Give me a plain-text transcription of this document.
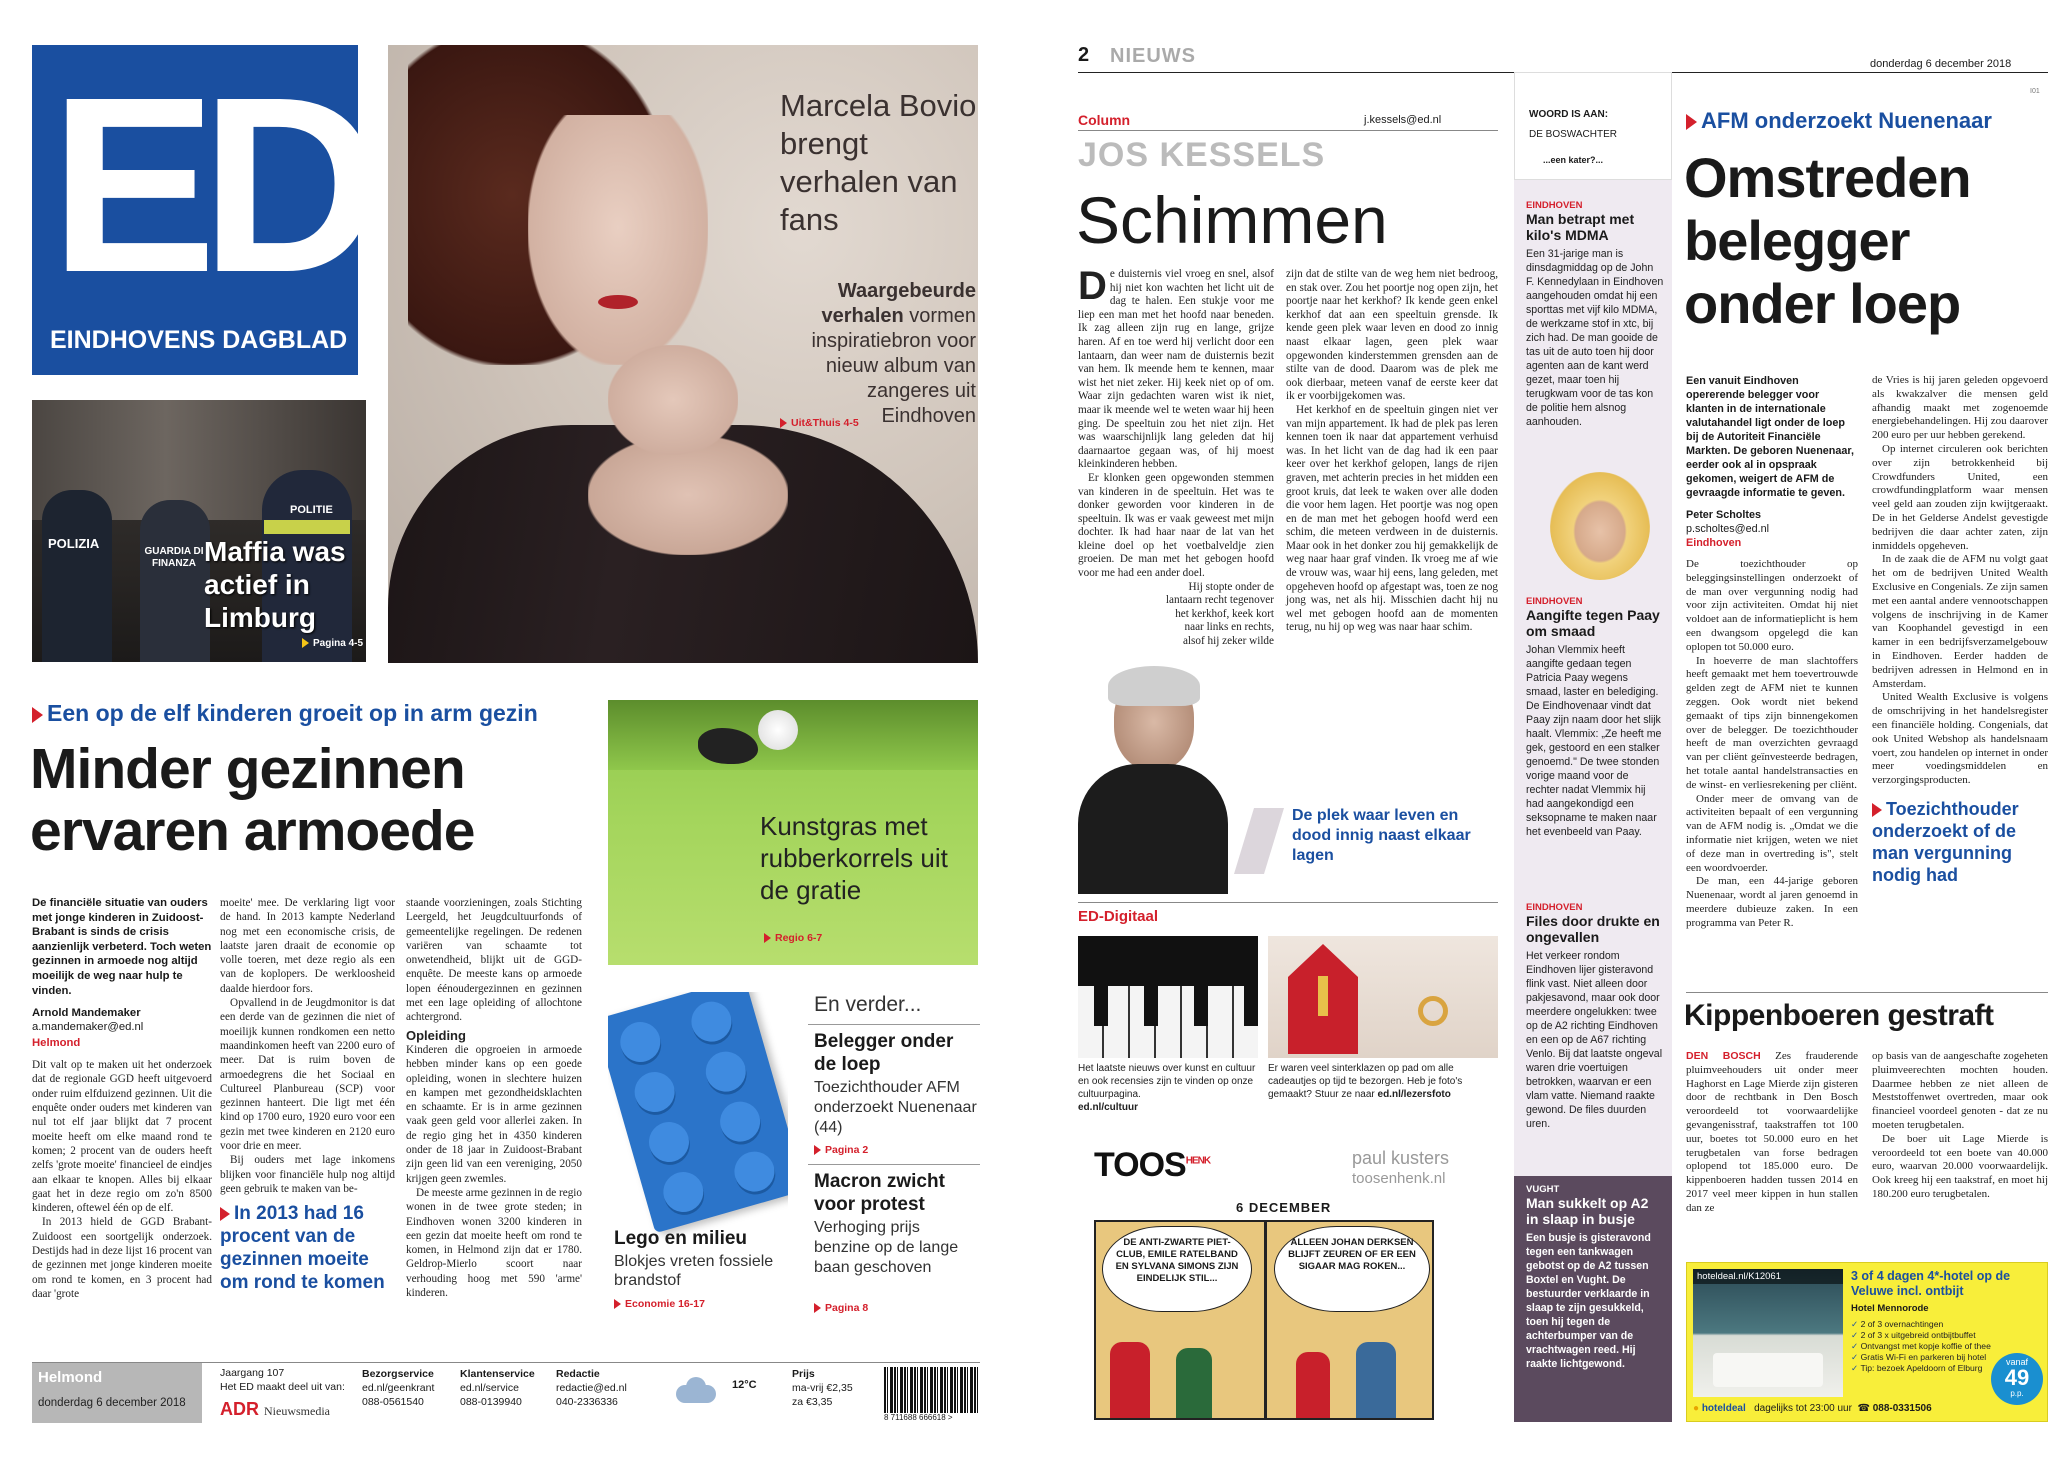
ED
EINDHOVENS DAGBLAD
POLIZIA
GUARDIA DI FINANZA
POLITIE
Maffia was actief in Limburg
Pagina 4-5
Marcela Bovio brengt verhalen van fans
Waargebeurde verhalen vormen inspiratiebron voor nieuw album van zangeres uit Eindhoven
Uit&Thuis 4-5
Een op de elf kinderen groeit op in arm gezin
Minder gezinnen ervaren armoede
De financiële situatie van ouders met jonge kinderen in Zuidoost-Brabant is sinds de crisis aanzienlijk verbeterd. Toch weten gezinnen in armoede nog altijd moeilijk de weg naar hulp te vinden.
Arnold Mandemaker
a.mandemaker@ed.nl
Helmond

Dit valt op te maken uit het onderzoek dat de regionale GGD heeft uitgevoerd onder ruim elfduizend gezinnen. Uit die enquête onder ouders met kinderen van nul tot elf jaar blijkt dat 7 procent moeite heeft om elke maand rond te komen; 2 procent van de ouders heeft zelfs 'grote moeite' financieel de eindjes aan elkaar te knopen. Alles bij elkaar gaat het in deze regio om zo'n 8500 kinderen, oftewel één op de elf.

In 2013 hield de GGD Brabant-Zuidoost een soortgelijk onderzoek. Destijds had in deze lijst 16 procent van de gezinnen met jonge kinderen moeite om rond te komen, en 3 procent had daar 'grote

moeite' mee. De verklaring ligt voor de hand. In 2013 kampte Nederland nog met een economische crisis, de laatste jaren draait de economie op volle toeren, met deze regio als een van de koplopers. De werkloosheid daalde hierdoor fors.

Opvallend in de Jeugdmonitor is dat een derde van de gezinnen die niet of moeilijk kunnen rondkomen een netto maandinkomen heeft van 2200 euro of meer. Dat is ruim boven de armoedegrens die het Sociaal en Cultureel Planbureau (SCP) voor gezinnen hanteert. Die ligt met één kind op 1700 euro, 1920 euro voor een gezin met twee kinderen en 2120 euro voor drie en meer.

Bij ouders met lage inkomens blijken voor financiële hulp nog altijd geen gebruik te maken van be-

In 2013 had 16 procent van de gezinnen moeite om rond te komen

staande voorzieningen, zoals Stichting Leergeld, het Jeugdcultuurfonds of gemeentelijke regelingen. De redenen variëren van schaamte tot onwetendheid, blijkt uit de GGD-enquête. De meeste kans op armoede lopen éénoudergezinnen en gezinnen met een lage opleiding of allochtone achtergrond.

Opleiding

Kinderen die opgroeien in armoede hebben minder kans op een goede opleiding, wonen in slechtere huizen en kampen met gezondheidsklachten en schaamte. Er is in arme gezinnen vaak geen geld voor allerlei zaken. In de regio ging het in 4350 kinderen onder de 18 jaar in Zuidoost-Brabant zijn geen lid van een vereniging, 2050 krijgen geen zwemles.

De meeste arme gezinnen in de regio wonen in de twee grote steden; in Eindhoven wonen 3200 kinderen in een gezin dat moeite heeft om rond te komen, in Helmond zijn dat er 1780. Geldrop-Mierlo scoort naar verhouding hoog met 590 'arme' kinderen.

Kunstgras met rubberkorrels uit de gratie
Regio 6-7
Lego en milieu
Blokjes vreten fossiele brandstof
Economie 16-17
En verder...
Belegger onder de loep
Toezichthouder AFM onderzoekt Nuenenaar (44)
Pagina 2
Macron zwicht voor protest
Verhoging prijs benzine op de lange baan geschoven
Pagina 8
Helmond
donderdag 6 december 2018
Jaargang 107
Het ED maakt deel uit van:
ADR Nieuwsmedia
Bezorgservice
ed.nl/geenkrant
088-0561540
Klantenservice
ed.nl/service
088-0139940
Redactie
redactie@ed.nl
040-2336336
12°C
Prijs
ma-vrij €2,35
za €3,35
8 711688 666618 >
2 NIEUWS	donderdag 6 december 2018
I01
Column	j.kessels@ed.nl
JOS KESSELS
Schimmen

De duisternis viel vroeg en snel, alsof hij niet kon wachten het licht uit de dag te halen. Een stukje voor me liep een man met het hoofd naar beneden. Ik zag alleen zijn rug en lange, grijze haren. Af en toe werd hij verlicht door een lantaarn, dan weer nam de duisternis bezit van hem. Ik meende hem te kennen, maar wist het niet zeker. Hij keek niet op of om. Waar zijn gedachten waren wist ik niet, maar ik meende wel te weten waar hij heen ging. De speeltuin zou het niet zijn. Het was waarschijnlijk lang geleden dat hij daarnaartoe gegaan was, of hij moest kleinkinderen hebben.

Er klonken geen opgewonden stemmen van kinderen in de speeltuin. Het was te donker geworden voor kinderen in de speeltuin. Ik was er vaak geweest met mijn dochter. Ik had haar naar de lat van het kleine doel op het voetbalveldje zien groeien. De man met het gebogen hoofd voor me had een ander doel.

Hij stopte onder de lantaarn recht tegenover het kerkhof, keek kort naar links en rechts, alsof hij zeker wilde

De plek waar leven en dood innig naast elkaar lagen

zijn dat de stilte van de weg hem niet bedroog, en stak over. Zou het poortje nog open zijn, het poortje naar het kerkhof? Ik kende geen enkel kerkhof dat aan een speeltuin grensde. Ik kende geen plek waar leven en dood zo innig naast elkaar lagen, geen plek waar opgewonden kinderstemmen grensden aan de stilte van de dood. Daarom was de plek me ook dierbaar, meteen vanaf de eerste keer dat ik er voorbijgekomen was.

Het kerkhof en de speeltuin gingen niet ver van mijn appartement. Ik had de plek pas leren kennen toen ik naar dat appartement verhuisd was. In het licht van de dag had ik een paar keer over het kerkhof gelopen, langs de rijen graven, met achterin precies in het midden een groot kruis, dat leek te waken over alle doden die voor hem lagen. Het poortje was nog open en de man met het gebogen hoofd werd een schim, die meteen verdween in de duisternis. Maar ook in het donker zou hij gemakkelijk de weg naar haar graf vinden. Ik vroeg me af wie de vrouw was, waar hij eens, lang geleden, met opgeheven hoofd op afgestapt was, toen ze nog jong was, net als hij. Misschien dacht hij nu wel met gebogen hoofd aan de momenten terug, nu hij op weg was naar haar schim.

ED-Digitaal
Het laatste nieuws over kunst en cultuur en ook recensies zijn te vinden op onze cultuurpagina.
ed.nl/cultuur
Er waren veel sinterklazen op pad om alle cadeautjes op tijd te bezorgen. Heb je foto's gemaakt? Stuur ze naar ed.nl/lezersfoto
$TOOS^{HENK}$	paul kusters
toosenhenk.nl
6 DECEMBER
DE ANTI-ZWARTE PIET-CLUB, EMILE RATELBAND EN SYLVANA SIMONS ZIJN EINDELIJK STIL...
ALLEEN JOHAN DERKSEN BLIJFT ZEUREN OF ER EEN SIGAAR MAG ROKEN...
WOORD IS AAN:
DE BOSWACHTER
...een kater?...
EINDHOVEN
Man betrapt met kilo's MDMA
Een 31-jarige man is dinsdagmiddag op de John F. Kennedylaan in Eindhoven aangehouden omdat hij een sporttas met vijf kilo MDMA, de werkzame stof in xtc, bij zich had. De man gooide de tas uit de auto toen hij door agenten aan de kant werd gezet, maar toen hij terugkwam voor de tas kon de politie hem alsnog aanhouden.
EINDHOVEN
Aangifte tegen Paay om smaad
Johan Vlemmix heeft aangifte gedaan tegen Patricia Paay wegens smaad, laster en belediging. De Eindhovenaar vindt dat Paay zijn naam door het slijk haalt. Vlemmix: „Ze heeft me gek, gestoord en een stalker genoemd." De twee stonden vorige maand voor de rechter nadat Vlemmix hij had aangekondigd een seksopname te maken naar het evenbeeld van Paay.
EINDHOVEN
Files door drukte en ongevallen
Het verkeer rondom Eindhoven lijer gisteravond flink vast. Niet alleen door pakjesavond, maar ook door meerdere ongelukken: twee op de A2 richting Eindhoven en een op de A67 richting Venlo. Bij dat laatste ongeval waren drie voertuigen betrokken, waarvan er een vlam vatte. Niemand raakte gewond. De files duurden uren.
VUGHT
Man sukkelt op A2 in slaap in busje
Een busje is gisteravond tegen een tankwagen gebotst op de A2 tussen Boxtel en Vught. De bestuurder verklaarde in slaap te zijn gesukkeld, toen hij tegen de achterbumper van de vrachtwagen reed. Hij raakte lichtgewond.
AFM onderzoekt Nuenenaar
Omstreden belegger onder loep
Een vanuit Eindhoven opererende belegger voor klanten in de internationale valutahandel ligt onder de loep bij de Autoriteit Financiële Markten. De geboren Nuenenaar, eerder ook al in opspraak gekomen, weigert de AFM de gevraagde informatie te geven.
Peter Scholtes
p.scholtes@ed.nl
Eindhoven

De toezichthouder op beleggingsinstellingen onderzoekt of de man over vergunning nodig had voor zijn activiteiten. Omdat hij niet voldoet aan de informatieplicht is hem een dwangsom opgelegd die kan oplopen tot 50.000 euro.

In hoeverre de man slachtoffers heeft gemaakt met hem toevertrouwde gelden zegt de AFM niet te kunnen zeggen. Ook wordt niet bekend gemaakt of tips zijn binnengekomen over de belegger. De toezichthouder heeft de man overzichten gevraagd van per cliënt geïnvesteerde bedragen, het totale aantal handelstransacties en de winst- en verliesrekening per cliënt.

Onder meer de omvang van de activiteiten bepaalt of een vergunning van de AFM nodig is. „Omdat we die informatie niet krijgen, weten we niet of deze man in overtreding is", stelt een woordvoerder.

De man, een 44-jarige geboren Nuenenaar, wordt al jaren genoemd in meerdere dubieuze zaken. In een programma van Peter R.

de Vries is hij jaren geleden opgevoerd als kwakzalver die mensen geld afhandig maakt met zogenoemde energiebehandelingen. Hij zou daarover 200 euro per uur hebben gerekend.

Op internet circuleren ook berichten over zijn betrokkenheid bij Crowdfunders United, een crowdfundingplatform waar mensen veel geld aan zouden zijn kwijtgeraakt. De in het Gelderse Andelst gevestigde bedrijven die daar achter zaten, zijn inmiddels opgeheven.

In de zaak die de AFM nu volgt gaat het om de bedrijven United Wealth Exclusive en Congenials. Ze zijn samen met een aantal andere vennootschappen volgens de inschrijving in de Kamer van Koophandel gevestigd in een kamer in een bedrijfsverzamelgebouw in Eindhoven. Eerder hadden de bedrijven adressen in Helmond en in Amsterdam.

United Wealth Exclusive is volgens de omschrijving in het handelsregister een financiële holding. Congenials, dat ook United Webshop als handelsnaam voert, zou handelen op internet in onder meer voedingsmiddelen en verzorgingsproducten.

Toezichthouder onderzoekt of de man vergunning nodig had
Kippenboeren gestraft

DEN BOSCH Zes frauderende pluimveehouders uit onder meer Haghorst en Lage Mierde zijn gisteren door de rechtbank in Den Bosch veroordeeld tot voorwaardelijke gevangenisstraf, taakstraffen tot 100 uur, boetes tot 50.000 euro en het terugbetalen van forse bedragen oplopend tot 185.000 euro. De kippenboeren hadden tussen 2014 en 2017 veel meer kippen in hun stallen dan ze

op basis van de aangeschafte zogeheten pluimveerechten mochten houden. Daarmee hebben ze niet alleen de Meststoffenwet overtreden, maar ook financieel voordeel genoten - dat ze nu moeten terugbetalen.

De boer uit Lage Mierde is veroordeeld tot een boete van 40.000 euro, waarvan 20.000 voorwaardelijk. Ook kreeg hij een taakstraf, en moet hij 180.200 euro terugbetalen.

hoteldeal.nl/K12061	3 of 4 dagen 4*-hotel op de Veluwe incl. ontbijt
Hotel Mennorode
✓ 2 of 3 overnachtingen
✓ 2 of 3 x uitgebreid ontbijtbuffet
✓ Ontvangst met kopje koffie of thee
✓ Gratis Wi-Fi en parkeren bij hotel
✓ Tip: bezoek Apeldoorn of Elburg
vanaf
49
p.p.
● hoteldeal dagelijks tot 23:00 uur ☎ 088-0331506
